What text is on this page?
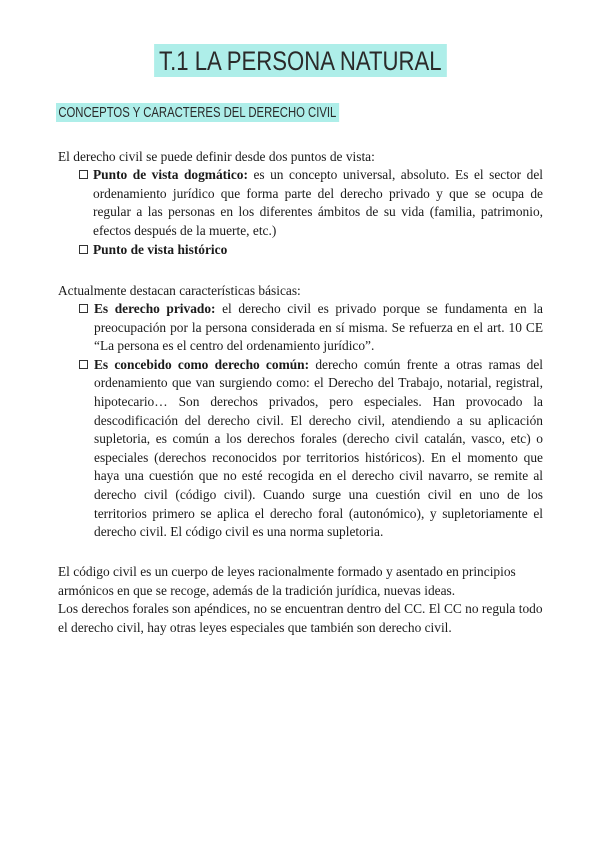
T.1 LA PERSONA NATURAL
CONCEPTOS Y CARACTERES DEL DERECHO CIVIL
El derecho civil se puede definir desde dos puntos de vista:
Punto de vista dogmático: es un concepto universal, absoluto. Es el sector del ordenamiento jurídico que forma parte del derecho privado y que se ocupa de regular a las personas en los diferentes ámbitos de su vida (familia, patrimonio, efectos después de la muerte, etc.)
Punto de vista histórico
Actualmente destacan características básicas:
Es derecho privado: el derecho civil es privado porque se fundamenta en la preocupación por la persona considerada en sí misma. Se refuerza en el art. 10 CE “La persona es el centro del ordenamiento jurídico”.
Es concebido como derecho común: derecho común frente a otras ramas del ordenamiento que van surgiendo como: el Derecho del Trabajo, notarial, registral, hipotecario… Son derechos privados, pero especiales. Han provocado la descodificación del derecho civil. El derecho civil, atendiendo a su aplicación supletoria, es común a los derechos forales (derecho civil catalán, vasco, etc) o especiales (derechos reconocidos por territorios históricos). En el momento que haya una cuestión que no esté recogida en el derecho civil navarro, se remite al derecho civil (código civil). Cuando surge una cuestión civil en uno de los territorios primero se aplica el derecho foral (autonómico), y supletoriamente el derecho civil. El código civil es una norma supletoria.

El código civil es un cuerpo de leyes racionalmente formado y asentado en principios armónicos en que se recoge, además de la tradición jurídica, nuevas ideas.

Los derechos forales son apéndices, no se encuentran dentro del CC. El CC no regula todo el derecho civil, hay otras leyes especiales que también son derecho civil.
